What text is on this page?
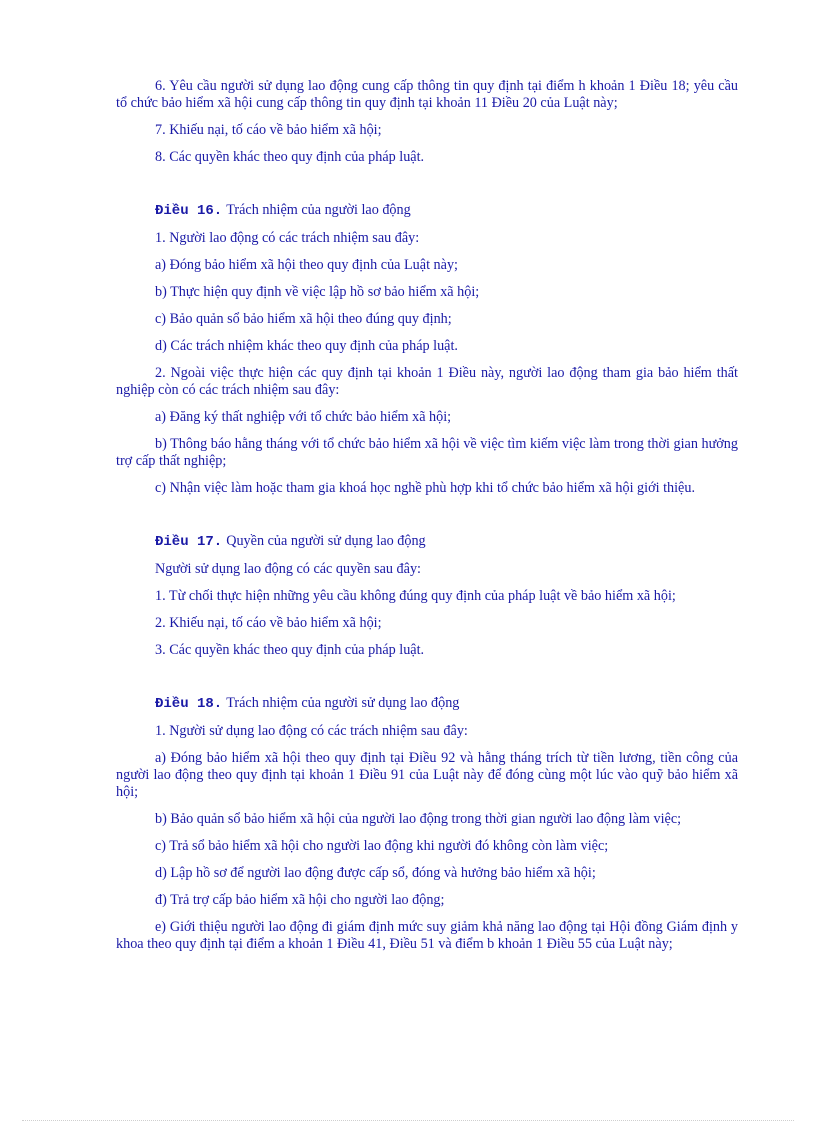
6. Yêu cầu người sử dụng lao động cung cấp thông tin quy định tại điểm h khoản 1 Điều 18; yêu cầu tổ chức bảo hiểm xã hội cung cấp thông tin quy định tại khoản 11 Điều 20 của Luật này;

7. Khiếu nại, tố cáo về bảo hiểm xã hội;

8. Các quyền khác theo quy định của pháp luật.

Điều 16. Trách nhiệm của người lao động

1. Người lao động có các trách nhiệm sau đây:

a) Đóng bảo hiểm xã hội theo quy định của Luật này;

b) Thực hiện quy định về việc lập hồ sơ bảo hiểm xã hội;

c) Bảo quản sổ bảo hiểm xã hội theo đúng quy định;

d) Các trách nhiệm khác theo quy định của pháp luật.

2. Ngoài việc thực hiện các quy định tại khoản 1 Điều này, người lao động tham gia bảo hiểm thất nghiệp còn có các trách nhiệm sau đây:

a) Đăng ký thất nghiệp với tổ chức bảo hiểm xã hội;

b) Thông báo hằng tháng với tổ chức bảo hiểm xã hội về việc tìm kiếm việc làm trong thời gian hưởng trợ cấp thất nghiệp;

c) Nhận việc làm hoặc tham gia khoá học nghề phù hợp khi tổ chức bảo hiểm xã hội giới thiệu.

Điều 17. Quyền của người sử dụng lao động

Người sử dụng lao động có các quyền sau đây:

1. Từ chối thực hiện những yêu cầu không đúng quy định của pháp luật về bảo hiểm xã hội;

2. Khiếu nại, tố cáo về bảo hiểm xã hội;

3. Các quyền khác theo quy định của pháp luật.

Điều 18. Trách nhiệm của người sử dụng lao động

1. Người sử dụng lao động có các trách nhiệm sau đây:

a) Đóng bảo hiểm xã hội theo quy định tại Điều 92 và hằng tháng trích từ tiền lương, tiền công của người lao động theo quy định tại khoản 1 Điều 91 của Luật này để đóng cùng một lúc vào quỹ bảo hiểm xã hội;

b) Bảo quản sổ bảo hiểm xã hội của người lao động trong thời gian người lao động làm việc;

c) Trả sổ bảo hiểm xã hội cho người lao động khi người đó không còn làm việc;

d) Lập hồ sơ để người lao động được cấp sổ, đóng và hưởng bảo hiểm xã hội;

đ) Trả trợ cấp bảo hiểm xã hội cho người lao động;

e) Giới thiệu người lao động đi giám định mức suy giảm khả năng lao động tại Hội đồng Giám định y khoa theo quy định tại điểm a khoản 1 Điều 41, Điều 51 và điểm b khoản 1 Điều 55 của Luật này;
